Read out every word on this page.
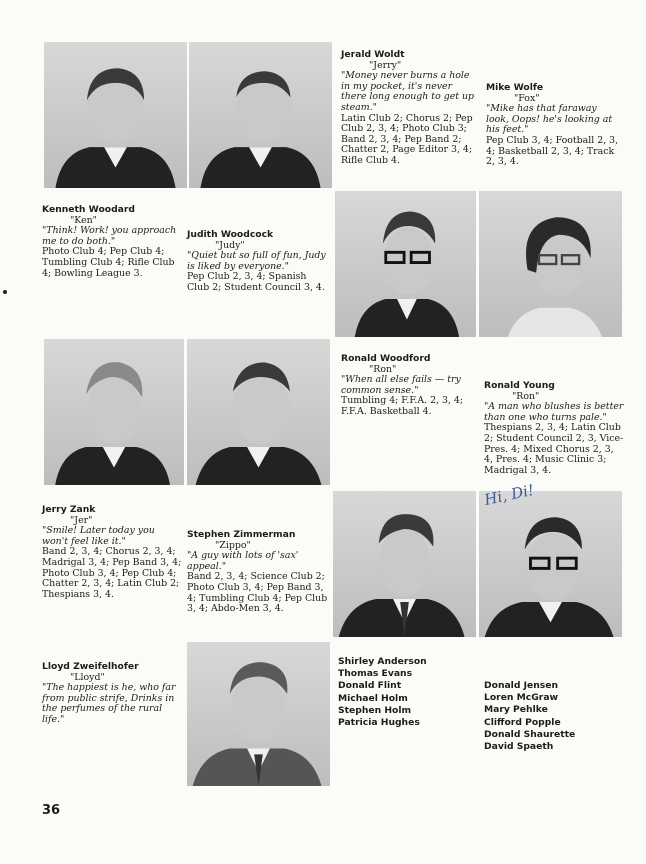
Jerald Woldt
"Jerry"
"Money never burns a hole in my pocket, it's never there long enough to get up steam."
Latin Club 2; Chorus 2; Pep Club 2, 3, 4; Photo Club 3; Band 2, 3, 4; Pep Band 2; Chatter 2, Page Editor 3, 4; Rifle Club 4.
Mike Wolfe
"Fox"
"Mike has that faraway look, Oops! he's looking at his feet."
Pep Club 3, 4; Football 2, 3, 4; Basketball 2, 3, 4; Track 2, 3, 4.
Kenneth Woodard
"Ken"
"Think! Work! you approach me to do both."
Photo Club 4; Pep Club 4; Tumbling Club 4; Rifle Club 4; Bowling League 3.
Judith Woodcock
"Judy"
"Quiet but so full of fun, Judy is liked by everyone."
Pep Club 2, 3, 4; Spanish Club 2; Student Council 3, 4.
Ronald Woodford
"Ron"
"When all else fails — try common sense."
Tumbling 4; F.F.A. 2, 3, 4; F.F.A. Basketball 4.
Ronald Young
"Ron"
"A man who blushes is better than one who turns pale."
Thespians 2, 3, 4; Latin Club 2; Student Council 2, 3, Vice-Pres. 4; Mixed Chorus 2, 3, 4, Pres. 4; Music Clinic 3; Madrigal 3, 4.
Jerry Zank
"Jer"
"Smile! Later today you won't feel like it."
Band 2, 3, 4; Chorus 2, 3, 4; Madrigal 3, 4; Pep Band 3, 4; Photo Club 3, 4; Pep Club 4; Chatter 2, 3, 4; Latin Club 2; Thespians 3, 4.
Stephen Zimmerman
"Zippo"
"A guy with lots of 'sax' appeal."
Band 2, 3, 4; Science Club 2; Photo Club 3, 4; Pep Band 3, 4; Tumbling Club 4; Pep Club 3, 4; Abdo-Men 3, 4.
Hi, Di!
Lloyd Zweifelhofer
"Lloyd"
"The happiest is he, who far from public strife, Drinks in the perfumes of the rural life."
Shirley Anderson
Thomas Evans
Donald Flint
Michael Holm
Stephen Holm
Patricia Hughes
Donald Jensen
Loren McGraw
Mary Pehlke
Clifford Popple
Donald Shaurette
David Spaeth
36
